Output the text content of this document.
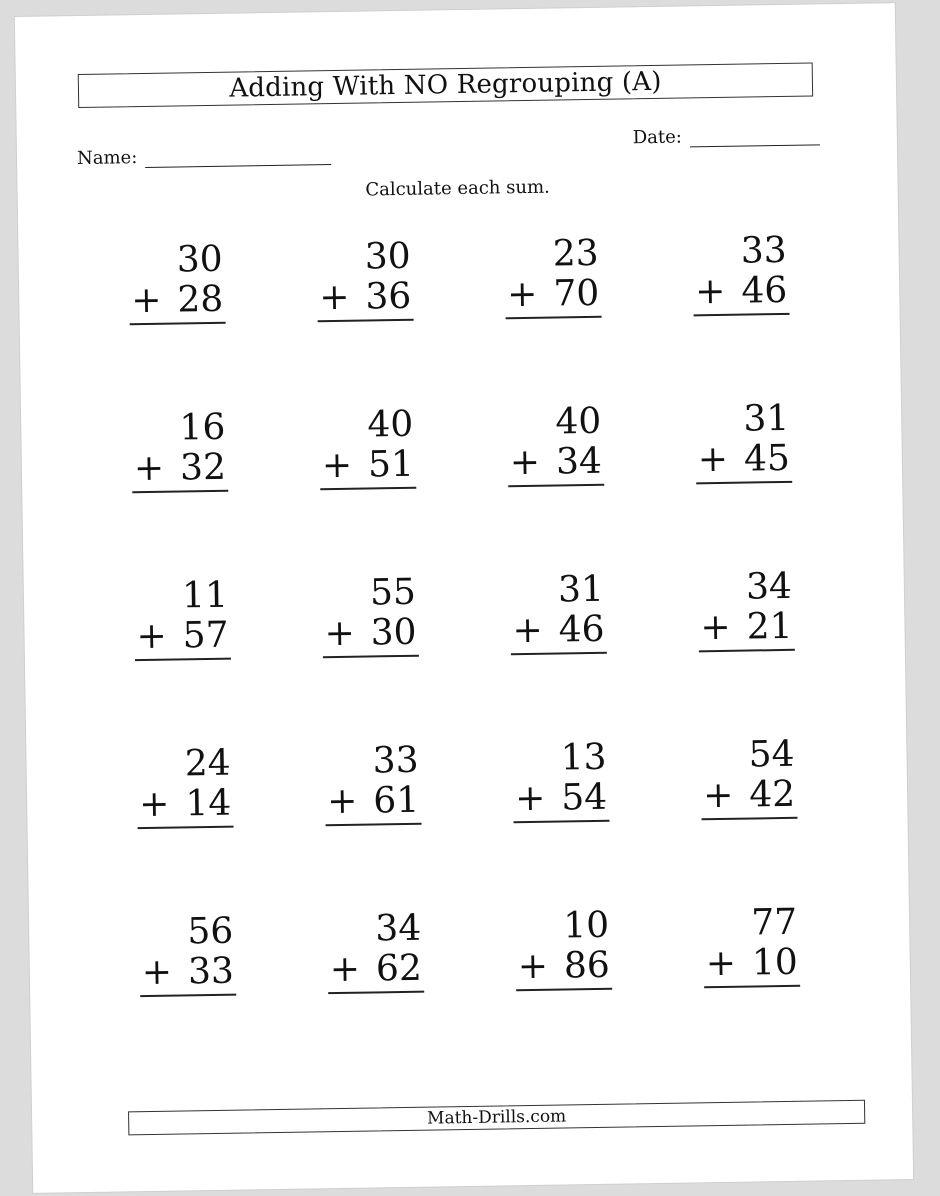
Adding With NO Regrouping (A)
Name:
Date:
Calculate each sum.
30
+ 28
30
+ 36
23
+ 70
33
+ 46
16
+ 32
40
+ 51
40
+ 34
31
+ 45
11
+ 57
55
+ 30
31
+ 46
34
+ 21
24
+ 14
33
+ 61
13
+ 54
54
+ 42
56
+ 33
34
+ 62
10
+ 86
77
+ 10
Math-Drills.com
